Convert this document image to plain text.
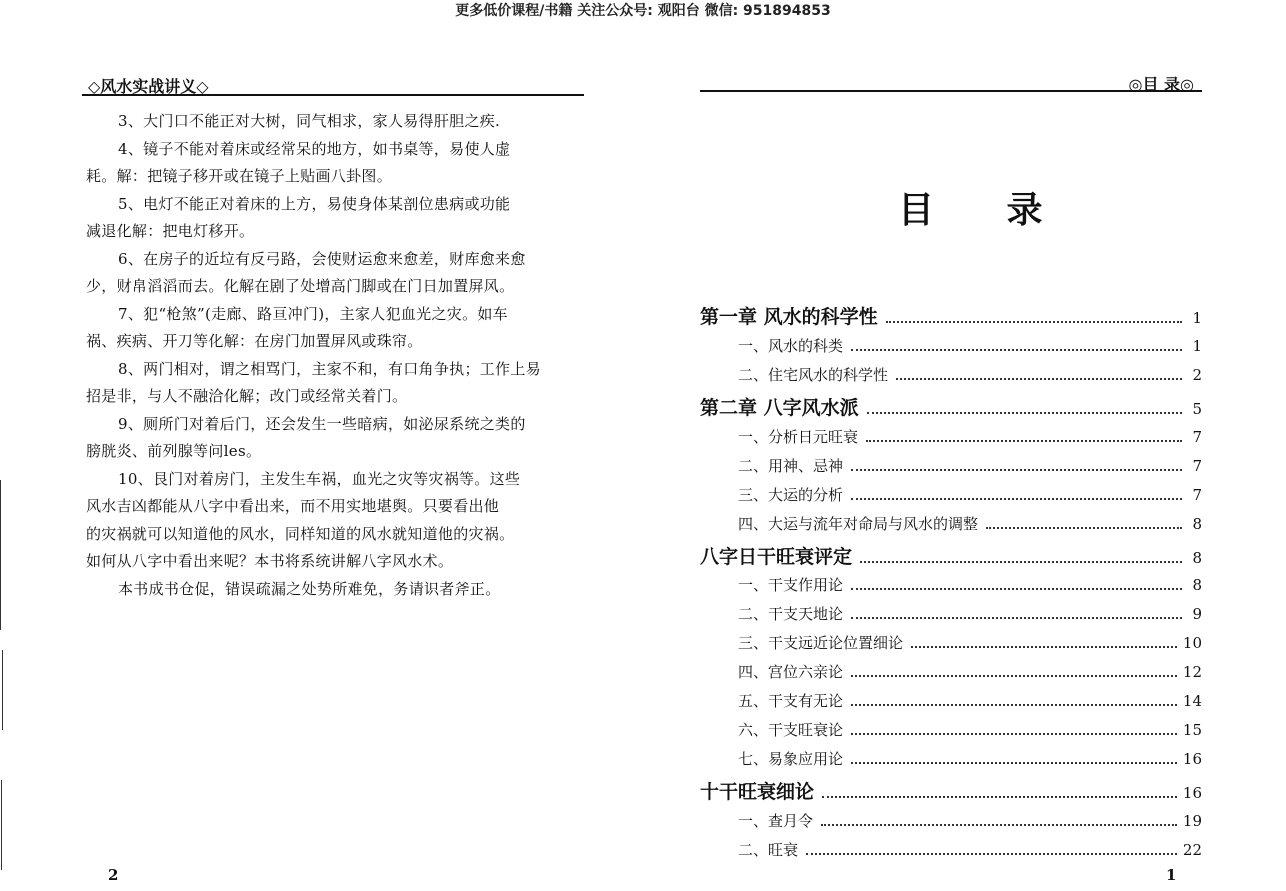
更多低价课程/书籍 关注公众号: 观阳台 微信: 951894853
◇风水实战讲义◇

3、大门口不能正对大树，同气相求，家人易得肝胆之疾.

4、镜子不能对着床或经常呆的地方，如书桌等，易使人虚

耗。解：把镜子移开或在镜子上贴画八卦图。

5、电灯不能正对着床的上方，易使身体某剖位患病或功能

减退化解：把电灯移开。

6、在房子的近垃有反弓路，会使财运愈来愈差，财库愈来愈

少，财帛滔滔而去。化解在剧了处增高门脚或在门日加置屏风。

7、犯“枪煞”(走廊、路亘冲门)，主家人犯血光之灾。如车

祸、疾病、开刀等化解：在房门加置屏风或珠帘。

8、两门相对，谓之相骂门，主家不和，有口角争执；工作上易

招是非，与人不融洽化解；改门或经常关着门。

9、厕所门对着后门，还会发生一些暗病，如泌尿系统之类的

膀胱炎、前列腺等问les。

10、艮门对着房门，主发生车祸，血光之灾等灾祸等。这些

风水吉凶都能从八字中看出来，而不用实地堪舆。只要看出他

的灾祸就可以知道他的风水，同样知道的风水就知道他的灾祸。

如何从八字中看出来呢？本书将系统讲解八字风水术。

本书成书仓促，错误疏漏之处势所难免，务请识者斧正。

2
◎目 录◎
目 录
第一章 风水的科学性	1
一、风水的科类	1
二、住宅风水的科学性	2
第二章 八字风水派	5
一、分析日元旺衰	7
二、用神、忌神	7
三、大运的分析	7
四、大运与流年对命局与风水的调整	8
八字日干旺衰评定	8
一、干支作用论	8
二、干支天地论	9
三、干支远近论位置细论	10
四、宫位六亲论	12
五、干支有无论	14
六、干支旺衰论	15
七、易象应用论	16
十干旺衰细论	16
一、查月令	19
二、旺衰	22
1
